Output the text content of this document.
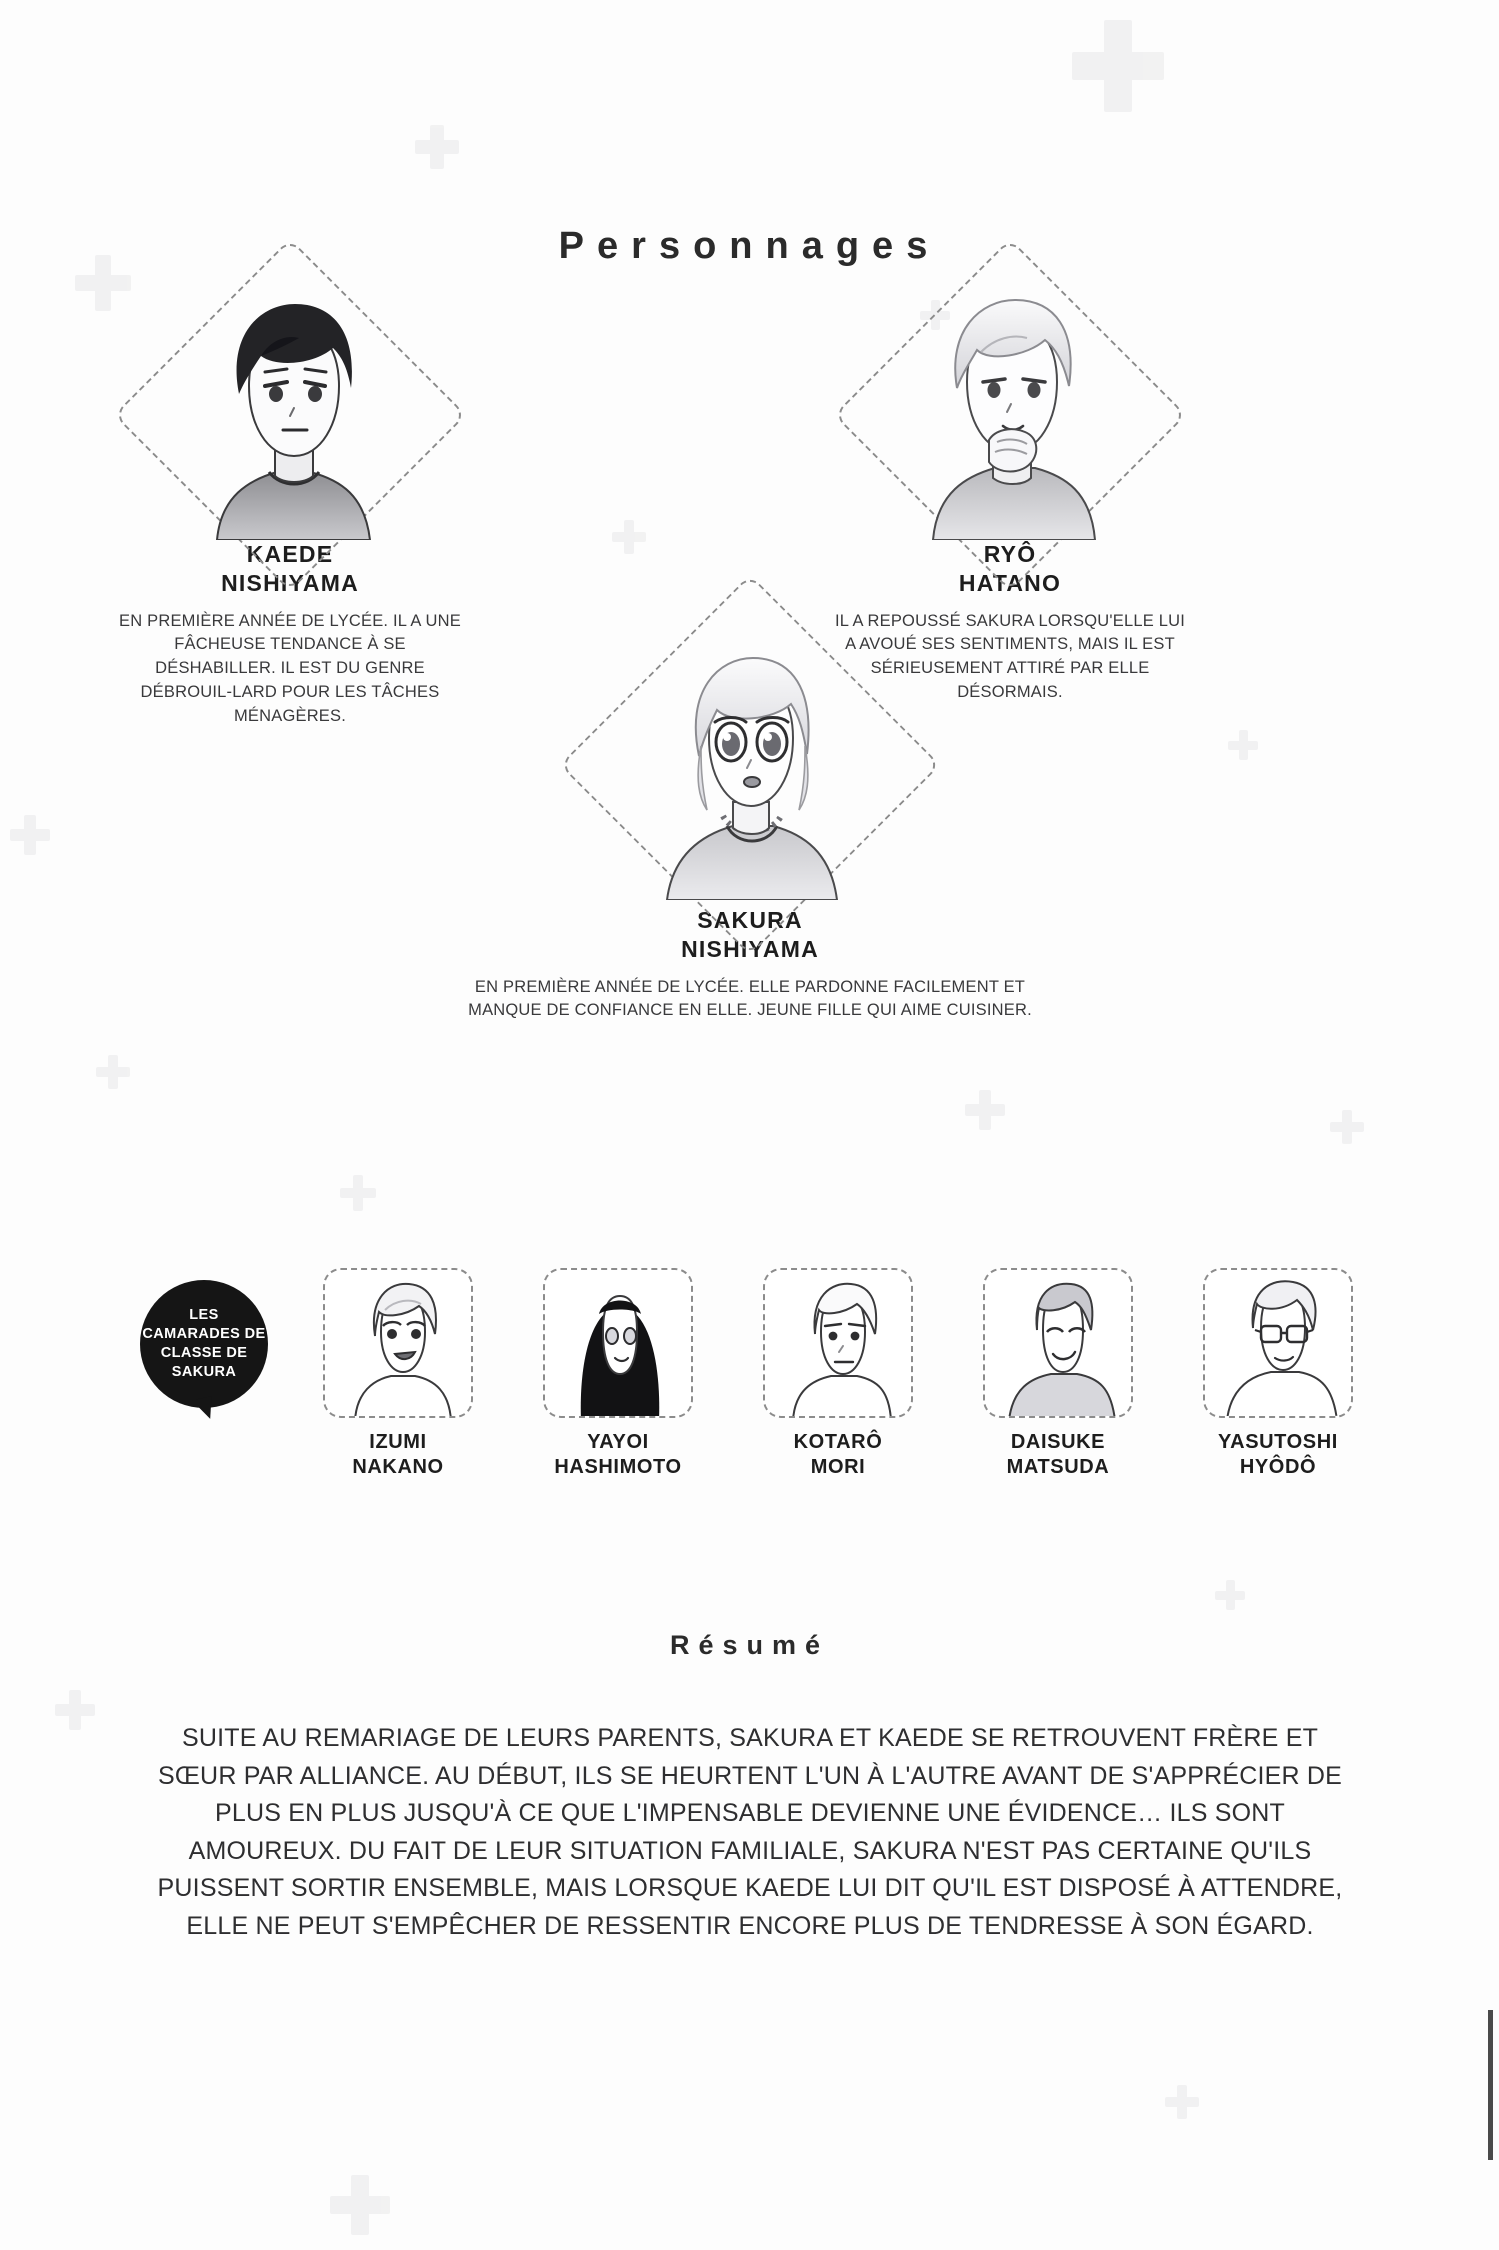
Personnages
KAEDE
NISHIYAMA
EN PREMIÈRE ANNÉE DE LYCÉE. IL A UNE FÂCHEUSE TENDANCE À SE DÉSHABILLER. IL EST DU GENRE DÉBROUIL-LARD POUR LES TÂCHES MÉNAGÈRES.
RYÔ
HATANO
IL A REPOUSSÉ SAKURA LORSQU'ELLE LUI A AVOUÉ SES SENTIMENTS, MAIS IL EST SÉRIEUSEMENT ATTIRÉ PAR ELLE DÉSORMAIS.
SAKURA
NISHIYAMA
EN PREMIÈRE ANNÉE DE LYCÉE. ELLE PARDONNE FACILEMENT ET MANQUE DE CONFIANCE EN ELLE. JEUNE FILLE QUI AIME CUISINER.
LES CAMARADES DE CLASSE DE SAKURA
IZUMI
NAKANO
YAYOI
HASHIMOTO
KOTARÔ
MORI
DAISUKE
MATSUDA
YASUTOSHI
HYÔDÔ
Résumé
SUITE AU REMARIAGE DE LEURS PARENTS, SAKURA ET KAEDE SE RETROUVENT FRÈRE ET SŒUR PAR ALLIANCE. AU DÉBUT, ILS SE HEURTENT L'UN À L'AUTRE AVANT DE S'APPRÉCIER DE PLUS EN PLUS JUSQU'À CE QUE L'IMPENSABLE DEVIENNE UNE ÉVIDENCE… ILS SONT AMOUREUX. DU FAIT DE LEUR SITUATION FAMILIALE, SAKURA N'EST PAS CERTAINE QU'ILS PUISSENT SORTIR ENSEMBLE, MAIS LORSQUE KAEDE LUI DIT QU'IL EST DISPOSÉ À ATTENDRE, ELLE NE PEUT S'EMPÊCHER DE RESSENTIR ENCORE PLUS DE TENDRESSE À SON ÉGARD.
